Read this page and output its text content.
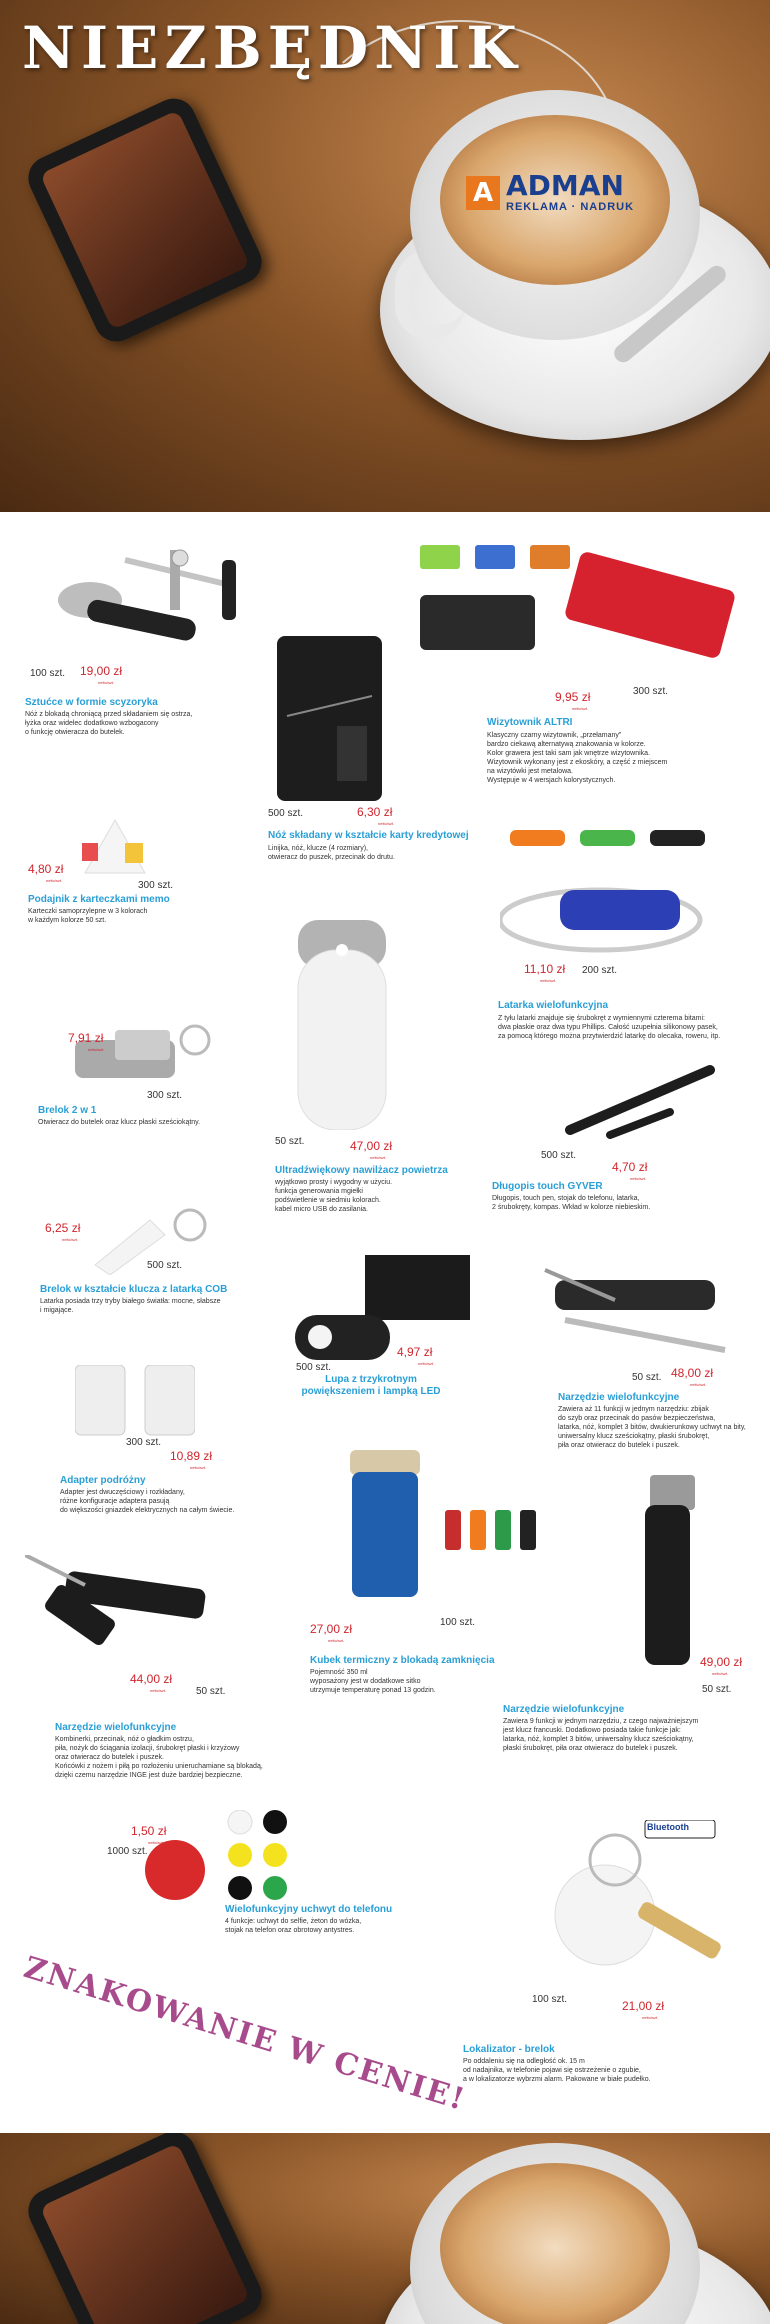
NIEZBĘDNIK
A ADMAN
REKLAMA · NADRUK
Bluetooth
100 szt. 19,00 zł
netto/szt.
Sztućce w formie scyzoryka
Nóż z blokadą chroniącą przed składaniem się ostrza,
łyżka oraz widelec dodatkowo wzbogacony
o funkcję otwieracza do butelek.
500 szt.	6,30 zł
netto/szt.
Nóż składany w kształcie karty kredytowej
Linijka, nóż, klucze (4 rozmiary),
otwieracz do puszek, przecinak do drutu.
300 szt.
9,95 zł
netto/szt.
Wizytownik ALTRI
Klasyczny czarny wizytownik, „przełamany”
bardzo ciekawą alternatywą znakowania w kolorze.
Kolor grawera jest taki sam jak wnętrze wizytownika.
Wizytownik wykonany jest z ekoskóry, a część z miejscem
na wizytówki jest metalowa.
Występuje w 4 wersjach kolorystycznych.
300 szt.
4,80 zł
netto/szt.
Podajnik z karteczkami memo
Karteczki samoprzylepne w 3 kolorach
w każdym kolorze 50 szt.
200 szt.
11,10 zł
netto/szt.
Latarka wielofunkcyjna
Z tyłu latarki znajduje się śrubokręt z wymiennymi czterema bitami:
dwa płaskie oraz dwa typu Phillips. Całość uzupełnia silikonowy pasek,
za pomocą którego można przytwierdzić latarkę do olecaka, roweru, itp.
300 szt.
7,91 zł
netto/szt.
Brelok 2 w 1
Otwieracz do butelek oraz klucz płaski sześciokątny.
50 szt.	47,00 zł
netto/szt.
Ultradźwiękowy nawilżacz powietrza
wyjątkowo prosty i wygodny w użyciu.
funkcja generowania mgiełki
podświetlenie w siedmiu kolorach.
kabel micro USB do zasilania.
500 szt.
4,70 zł
netto/szt.
Długopis touch GYVER
Długopis, touch pen, stojak do telefonu, latarka,
2 śrubokręty, kompas. Wkład w kolorze niebieskim.
500 szt.
6,25 zł
netto/szt.
Brelok w kształcie klucza z latarką COB
Latarka posiada trzy tryby białego światła: mocne, słabsze
i migające.
500 szt.
4,97 zł
netto/szt.
Lupa z trzykrotnym powiększeniem i lampką LED
50 szt. 48,00 zł
netto/szt.
Narzędzie wielofunkcyjne
Zawiera aż 11 funkcji w jednym narzędziu: zbijak
do szyb oraz przecinak do pasów bezpieczeństwa,
latarka, nóż, komplet 3 bitów, dwukierunkowy uchwyt na bity,
uniwersalny klucz sześciokątny, płaski śrubokręt,
piła oraz otwieracz do butelek i puszek.
300 szt.
10,89 zł
netto/szt.
Adapter podróżny
Adapter jest dwuczęściowy i rozkładany,
różne konfiguracje adaptera pasują
do większości gniazdek elektrycznych na całym świecie.
100 szt.
27,00 zł
netto/szt.
Kubek termiczny z blokadą zamknięcia
Pojemność 350 ml
wyposażony jest w dodatkowe sitko
utrzymuje temperaturę ponad 13 godzin.
50 szt.
44,00 zł
netto/szt.
Narzędzie wielofunkcyjne
Kombinerki, przecinak, nóż o gładkim ostrzu,
piła, nożyk do ściągania izolacji, śrubokręt płaski i krzyżowy
oraz otwieracz do butelek i puszek.
Końcówki z nożem i piłą po rozłożeniu unieruchamiane są blokadą,
dzięki czemu narzędzie INGE jest duże bardziej bezpieczne.
50 szt.
49,00 zł
netto/szt.
Narzędzie wielofunkcyjne
Zawiera 9 funkcji w jednym narzędziu, z czego najważniejszym
jest klucz francuski. Dodatkowo posiada takie funkcje jak:
latarka, nóż, komplet 3 bitów, uniwersalny klucz sześciokątny,
płaski śrubokręt, piła oraz otwieracz do butelek i puszek.
1000 szt.
1,50 zł
netto/szt.
Wielofunkcyjny uchwyt do telefonu
4 funkcje: uchwyt do selfie, żeton do wózka,
stojak na telefon oraz obrotowy antystres.
100 szt.	21,00 zł
netto/szt.
Lokalizator - brelok
Po oddaleniu się na odległość ok. 15 m
od nadajnika, w telefonie pojawi się ostrzeżenie o zgubie,
a w lokalizatorze wybrzmi alarm. Pakowane w białe pudełko.
ZNAKOWANIE W CENIE!
